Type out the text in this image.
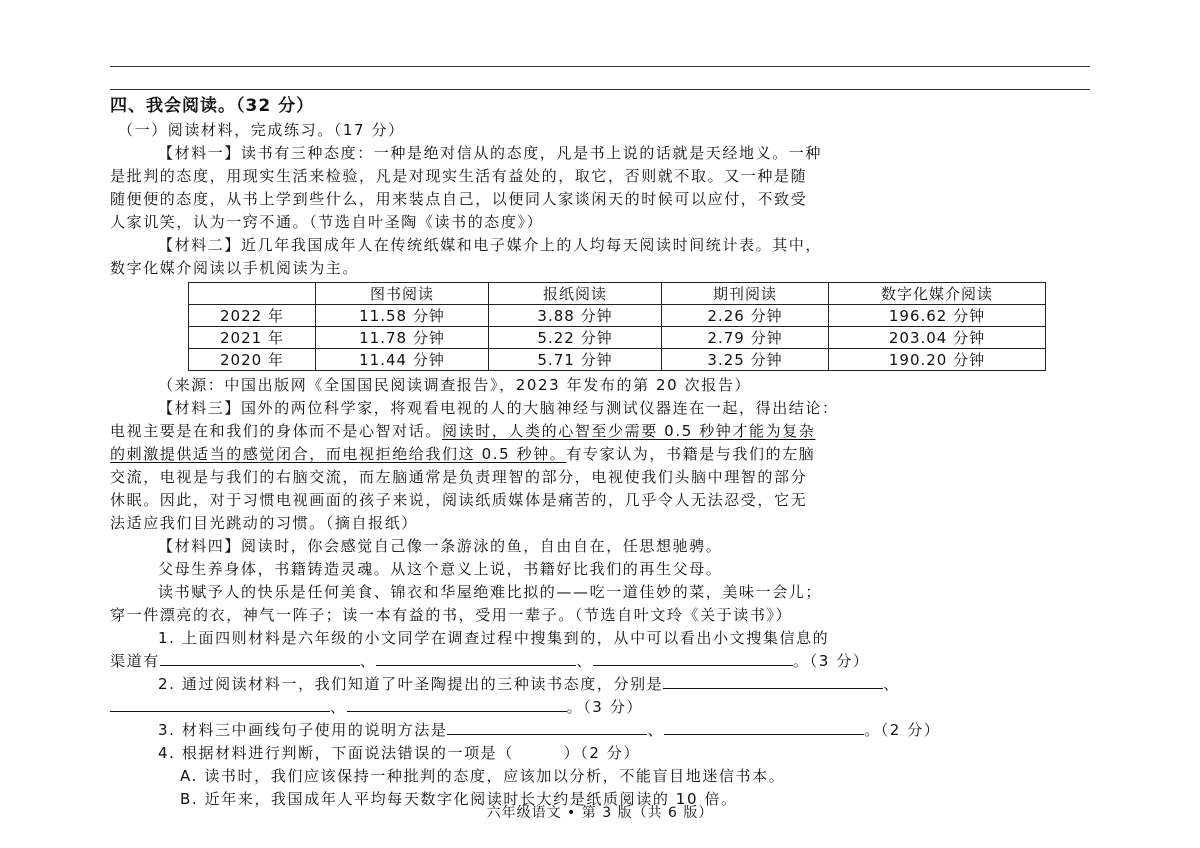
四、我会阅读。（32 分）
（一）阅读材料，完成练习。（17 分）
【材料一】读书有三种态度：一种是绝对信从的态度，凡是书上说的话就是天经地义。一种
是批判的态度，用现实生活来检验，凡是对现实生活有益处的，取它，否则就不取。又一种是随
随便便的态度，从书上学到些什么，用来装点自己，以便同人家谈闲天的时候可以应付，不致受
人家讥笑，认为一窍不通。（节选自叶圣陶《读书的态度》）
【材料二】近几年我国成年人在传统纸媒和电子媒介上的人均每天阅读时间统计表。其中，
数字化媒介阅读以手机阅读为主。
	图书阅读	报纸阅读	期刊阅读	数字化媒介阅读
2022 年	11.58 分钟	3.88 分钟	2.26 分钟	196.62 分钟
2021 年	11.78 分钟	5.22 分钟	2.79 分钟	203.04 分钟
2020 年	11.44 分钟	5.71 分钟	3.25 分钟	190.20 分钟
（来源：中国出版网《全国国民阅读调查报告》，2023 年发布的第 20 次报告）
【材料三】国外的两位科学家，将观看电视的人的大脑神经与测试仪器连在一起，得出结论：
电视主要是在和我们的身体而不是心智对话。阅读时，人类的心智至少需要 0.5 秒钟才能为复杂
的刺激提供适当的感觉闭合，而电视拒绝给我们这 0.5 秒钟。有专家认为，书籍是与我们的左脑
交流，电视是与我们的右脑交流，而左脑通常是负责理智的部分，电视使我们头脑中理智的部分
休眠。因此，对于习惯电视画面的孩子来说，阅读纸质媒体是痛苦的，几乎令人无法忍受，它无
法适应我们目光跳动的习惯。（摘自报纸）
【材料四】阅读时，你会感觉自己像一条游泳的鱼，自由自在，任思想驰骋。
父母生养身体，书籍铸造灵魂。从这个意义上说，书籍好比我们的再生父母。
读书赋予人的快乐是任何美食、锦衣和华屋绝难比拟的——吃一道佳妙的菜，美味一会儿；
穿一件漂亮的衣，神气一阵子；读一本有益的书，受用一辈子。（节选自叶文玲《关于读书》）
1. 上面四则材料是六年级的小文同学在调查过程中搜集到的，从中可以看出小文搜集信息的
渠道有	、	、	。（3 分）
2. 通过阅读材料一，我们知道了叶圣陶提出的三种读书态度，分别是	、
、	。（3 分）
3. 材料三中画线句子使用的说明方法是	、	。（2 分）
4. 根据材料进行判断，下面说法错误的一项是（　　　）（2 分）
A. 读书时，我们应该保持一种批判的态度，应该加以分析，不能盲目地迷信书本。
B. 近年来，我国成年人平均每天数字化阅读时长大约是纸质阅读的 10 倍。
六年级语文 • 第 3 版（共 6 版）
